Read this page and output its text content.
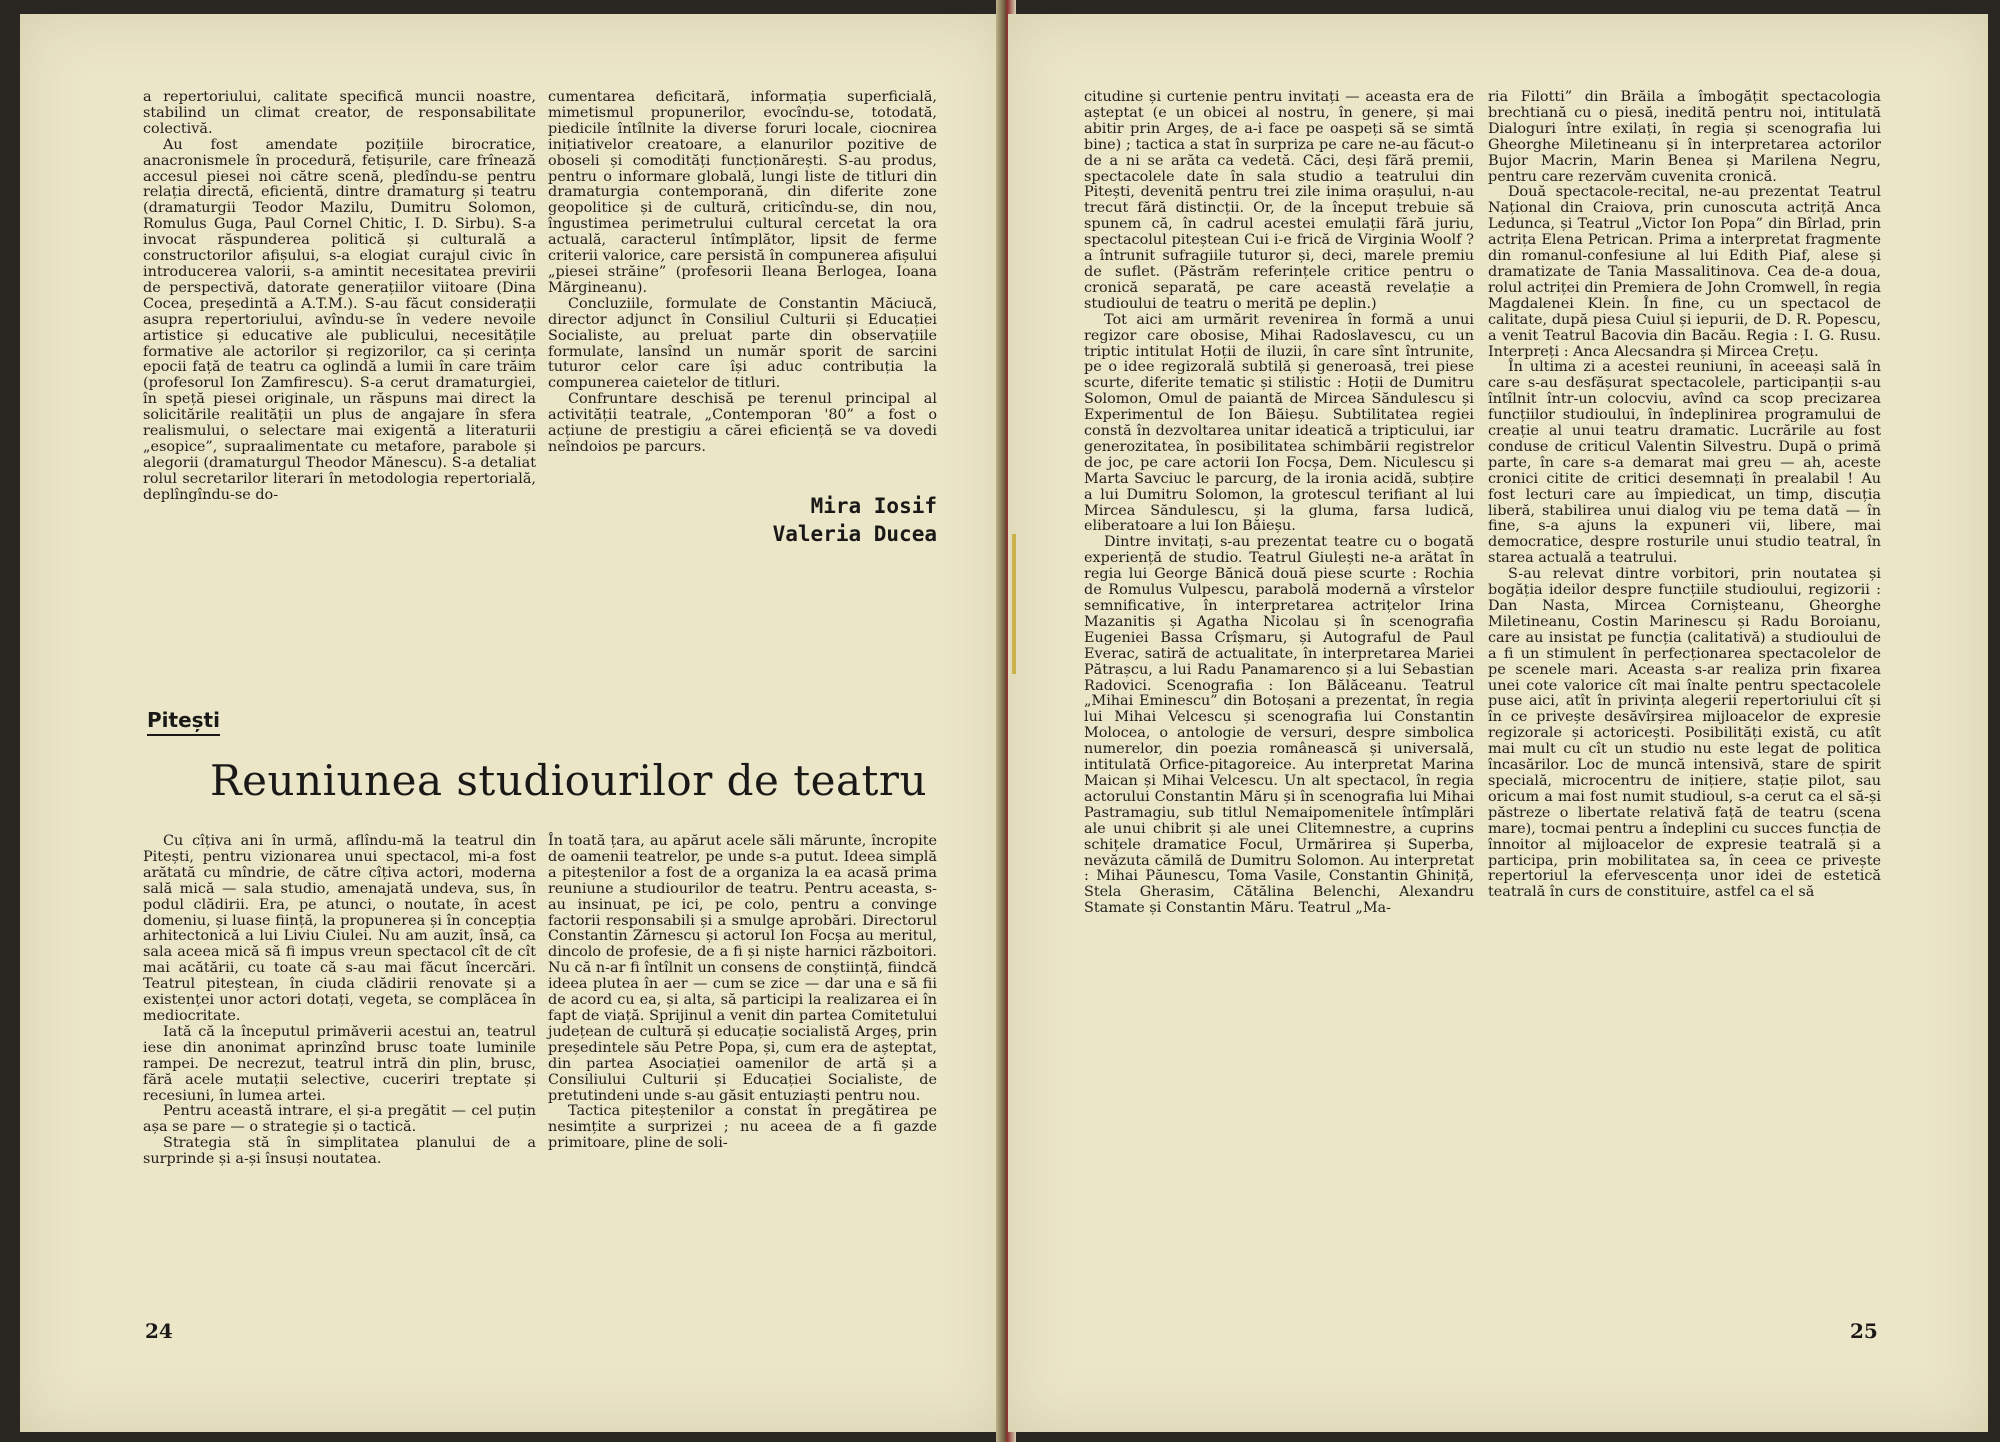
a repertoriului, calitate specifică muncii noastre, stabilind un climat creator, de responsabilitate colectivă.

Au fost amendate pozițiile birocratice, anacronismele în procedură, fetișurile, care frînează accesul piesei noi către scenă, pledîndu-se pentru relația directă, eficientă, dintre dramaturg și teatru (dramaturgii Teodor Mazilu, Dumitru Solomon, Romulus Guga, Paul Cornel Chitic, I. D. Sirbu). S-a invocat răspunderea politică și culturală a constructorilor afișului, s-a elogiat curajul civic în introducerea valorii, s-a amintit necesitatea previrii de perspectivă, datorate generațiilor viitoare (Dina Cocea, președintă a A.T.M.). S-au făcut considerații asupra repertoriului, avîndu-se în vedere nevoile artistice și educative ale publicului, necesitățile formative ale actorilor și regizorilor, ca și cerința epocii față de teatru ca oglindă a lumii în care trăim (profesorul Ion Zamfirescu). S-a cerut dramaturgiei, în speță piesei originale, un răspuns mai direct la solicitările realității un plus de angajare în sfera realismului, o selectare mai exigentă a literaturii „esopice”, supraalimentate cu metafore, parabole și alegorii (dramaturgul Theodor Mănescu). S-a detaliat rolul secretarilor literari în metodologia repertorială, deplîngîndu-se do-

cumentarea deficitară, informația superficială, mimetismul propunerilor, evocîndu-se, totodată, piedicile întîlnite la diverse foruri locale, ciocnirea inițiativelor creatoare, a elanurilor pozitive de oboseli și comodități funcționărești. S-au produs, pentru o informare globală, lungi liste de titluri din dramaturgia contemporană, din diferite zone geopolitice și de cultură, criticîndu-se, din nou, îngustimea perimetrului cultural cercetat la ora actuală, caracterul întîmplător, lipsit de ferme criterii valorice, care persistă în compunerea afișului „piesei străine” (profesorii Ileana Berlogea, Ioana Mărgineanu).

Concluziile, formulate de Constantin Măciucă, director adjunct în Consiliul Culturii și Educației Socialiste, au preluat parte din observațiile formulate, lansînd un număr sporit de sarcini tuturor celor care își aduc contribuția la compunerea caietelor de titluri.

Confruntare deschisă pe terenul principal al activității teatrale, „Contemporan '80” a fost o acțiune de prestigiu a cărei eficiență se va dovedi neîndoios pe parcurs.

Mira Iosif
Valeria Ducea
Pitești
Reuniunea studiourilor de teatru

Cu cîțiva ani în urmă, aflîndu-mă la teatrul din Pitești, pentru vizionarea unui spectacol, mi-a fost arătată cu mîndrie, de către cîțiva actori, moderna sală mică — sala studio, amenajată undeva, sus, în podul clădirii. Era, pe atunci, o noutate, în acest domeniu, și luase ființă, la propunerea și în concepția arhitectonică a lui Liviu Ciulei. Nu am auzit, însă, ca sala aceea mică să fi impus vreun spectacol cît de cît mai acătării, cu toate că s-au mai făcut încercări. Teatrul piteștean, în ciuda clădirii renovate și a existenței unor actori dotați, vegeta, se complăcea în mediocritate.

Iată că la începutul primăverii acestui an, teatrul iese din anonimat aprinzînd brusc toate luminile rampei. De necrezut, teatrul intră din plin, brusc, fără acele mutații selective, cuceriri treptate și recesiuni, în lumea artei.

Pentru această intrare, el și-a pregătit — cel puțin așa se pare — o strategie și o tactică.

Strategia stă în simplitatea planului de a surprinde și a-și însuși noutatea.

În toată țara, au apărut acele săli mărunte, încropite de oamenii teatrelor, pe unde s-a putut. Ideea simplă a piteștenilor a fost de a organiza la ea acasă prima reuniune a studiourilor de teatru. Pentru aceasta, s-au insinuat, pe ici, pe colo, pentru a convinge factorii responsabili și a smulge aprobări. Directorul Constantin Zărnescu și actorul Ion Focșa au meritul, dincolo de profesie, de a fi și niște harnici războitori. Nu că n-ar fi întîlnit un consens de conștiință, fiindcă ideea plutea în aer — cum se zice — dar una e să fii de acord cu ea, și alta, să participi la realizarea ei în fapt de viață. Sprijinul a venit din partea Comitetului județean de cultură și educație socialistă Argeș, prin președintele său Petre Popa, și, cum era de așteptat, din partea Asociației oamenilor de artă și a Consiliului Culturii și Educației Socialiste, de pretutindeni unde s-au găsit entuziaști pentru nou.

Tactica piteștenilor a constat în pregătirea pe nesimțite a surprizei ; nu aceea de a fi gazde primitoare, pline de soli-

24

citudine și curtenie pentru invitați — aceasta era de așteptat (e un obicei al nostru, în genere, și mai abitir prin Argeș, de a-i face pe oaspeți să se simtă bine) ; tactica a stat în surpriza pe care ne-au făcut-o de a ni se arăta ca vedetă. Căci, deși fără premii, spectacolele date în sala studio a teatrului din Pitești, devenită pentru trei zile inima orașului, n-au trecut fără distincții. Or, de la început trebuie să spunem că, în cadrul acestei emulații fără juriu, spectacolul piteștean Cui i-e frică de Virginia Woolf ? a întrunit sufragiile tuturor și, deci, marele premiu de suflet. (Păstrăm referințele critice pentru o cronică separată, pe care această revelație a studioului de teatru o merită pe deplin.)

Tot aici am urmărit revenirea în formă a unui regizor care obosise, Mihai Radoslavescu, cu un triptic intitulat Hoții de iluzii, în care sînt întrunite, pe o idee regizorală subtilă și generoasă, trei piese scurte, diferite tematic și stilistic : Hoții de Dumitru Solomon, Omul de paiantă de Mircea Săndulescu și Experimentul de Ion Băieșu. Subtilitatea regiei constă în dezvoltarea unitar ideatică a tripticului, iar generozitatea, în posibilitatea schimbării registrelor de joc, pe care actorii Ion Focșa, Dem. Niculescu și Marta Savciuc le parcurg, de la ironia acidă, subțire a lui Dumitru Solomon, la grotescul terifiant al lui Mircea Săndulescu, și la gluma, farsa ludică, eliberatoare a lui Ion Băieșu.

Dintre invitați, s-au prezentat teatre cu o bogată experiență de studio. Teatrul Giulești ne-a arătat în regia lui George Bănică două piese scurte : Rochia de Romulus Vulpescu, parabolă modernă a vîrstelor semnificative, în interpretarea actrițelor Irina Mazanitis și Agatha Nicolau și în scenografia Eugeniei Bassa Crîșmaru, și Autograful de Paul Everac, satiră de actualitate, în interpretarea Mariei Pătrașcu, a lui Radu Panamarenco și a lui Sebastian Radovici. Scenografia : Ion Bălăceanu. Teatrul „Mihai Eminescu” din Botoșani a prezentat, în regia lui Mihai Velcescu și scenografia lui Constantin Molocea, o antologie de versuri, despre simbolica numerelor, din poezia românească și universală, intitulată Orfice-pitagoreice. Au interpretat Marina Maican și Mihai Velcescu. Un alt spectacol, în regia actorului Constantin Măru și în scenografia lui Mihai Pastramagiu, sub titlul Nemaipomenitele întîmplări ale unui chibrit și ale unei Clitemnestre, a cuprins schițele dramatice Focul, Urmărirea și Superba, nevăzuta cămilă de Dumitru Solomon. Au interpretat : Mihai Păunescu, Toma Vasile, Constantin Ghiniță, Stela Gherasim, Cătălina Belenchi, Alexandru Stamate și Constantin Măru. Teatrul „Ma-

ria Filotti” din Brăila a îmbogățit spectacologia brechtiană cu o piesă, inedită pentru noi, intitulată Dialoguri între exilați, în regia și scenografia lui Gheorghe Miletineanu și în interpretarea actorilor Bujor Macrin, Marin Benea și Marilena Negru, pentru care rezervăm cuvenita cronică.

Două spectacole-recital, ne-au prezentat Teatrul Național din Craiova, prin cunoscuta actriță Anca Ledunca, și Teatrul „Victor Ion Popa” din Bîrlad, prin actrița Elena Petrican. Prima a interpretat fragmente din romanul-confesiune al lui Edith Piaf, alese și dramatizate de Tania Massalitinova. Cea de-a doua, rolul actriței din Premiera de John Cromwell, în regia Magdalenei Klein. În fine, cu un spectacol de calitate, după piesa Cuiul și iepurii, de D. R. Popescu, a venit Teatrul Bacovia din Bacău. Regia : I. G. Rusu. Interpreți : Anca Alecsandra și Mircea Crețu.

În ultima zi a acestei reuniuni, în aceeași sală în care s-au desfășurat spectacolele, participanții s-au întîlnit într-un colocviu, avînd ca scop precizarea funcțiilor studioului, în îndeplinirea programului de creație al unui teatru dramatic. Lucrările au fost conduse de criticul Valentin Silvestru. După o primă parte, în care s-a demarat mai greu — ah, aceste cronici citite de critici desemnați în prealabil ! Au fost lecturi care au împiedicat, un timp, discuția liberă, stabilirea unui dialog viu pe tema dată — în fine, s-a ajuns la expuneri vii, libere, mai democratice, despre rosturile unui studio teatral, în starea actuală a teatrului.

S-au relevat dintre vorbitori, prin noutatea și bogăția ideilor despre funcțiile studioului, regizorii : Dan Nasta, Mircea Cornișteanu, Gheorghe Miletineanu, Costin Marinescu și Radu Boroianu, care au insistat pe funcția (calitativă) a studioului de a fi un stimulent în perfecționarea spectacolelor de pe scenele mari. Aceasta s-ar realiza prin fixarea unei cote valorice cît mai înalte pentru spectacolele puse aici, atît în privința alegerii repertoriului cît și în ce privește desăvîrșirea mijloacelor de expresie regizorale și actoricești. Posibilități există, cu atît mai mult cu cît un studio nu este legat de politica încasărilor. Loc de muncă intensivă, stare de spirit specială, microcentru de inițiere, stație pilot, sau oricum a mai fost numit studioul, s-a cerut ca el să-și păstreze o libertate relativă față de teatru (scena mare), tocmai pentru a îndeplini cu succes funcția de înnoitor al mijloacelor de expresie teatrală și a participa, prin mobilitatea sa, în ceea ce privește repertoriul la efervescența unor idei de estetică teatrală în curs de constituire, astfel ca el să

25
